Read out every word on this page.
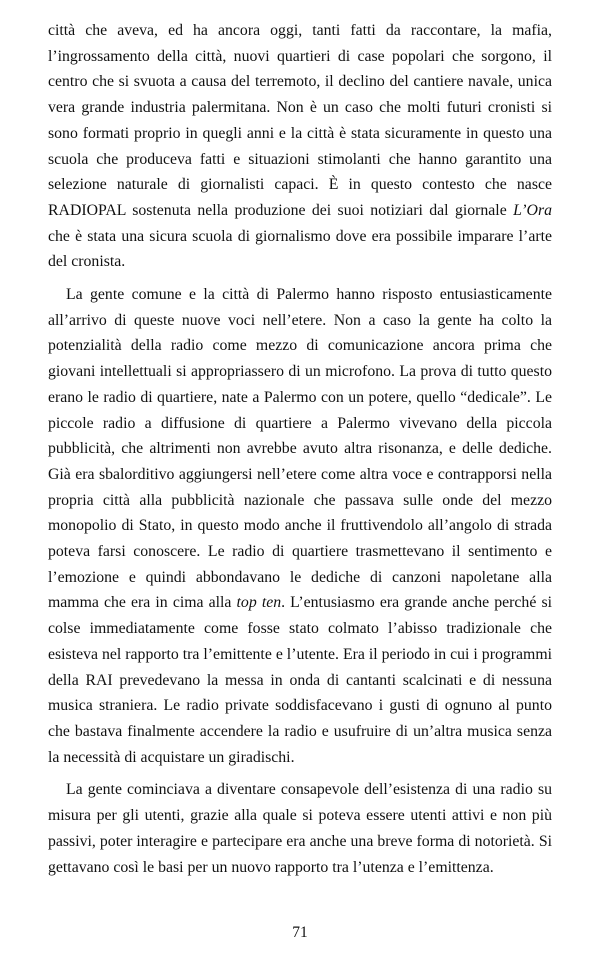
città che aveva, ed ha ancora oggi, tanti fatti da raccontare, la mafia, l’ingrossamento della città, nuovi quartieri di case popolari che sorgono, il centro che si svuota a causa del terremoto, il declino del cantiere navale, unica vera grande industria palermitana. Non è un caso che molti futuri cronisti si sono formati proprio in quegli anni e la città è stata sicuramente in questo una scuola che produceva fatti e situazioni stimolanti che hanno garantito una selezione naturale di giornalisti capaci. È in questo contesto che nasce RADIOPAL sostenuta nella produzione dei suoi notiziari dal giornale L’Ora che è stata una sicura scuola di giornalismo dove era possibile imparare l’arte del cronista.

La gente comune e la città di Palermo hanno risposto entusiasticamente all’arrivo di queste nuove voci nell’etere. Non a caso la gente ha colto la potenzialità della radio come mezzo di comunicazione ancora prima che giovani intellettuali si appropriassero di un microfono. La prova di tutto questo erano le radio di quartiere, nate a Palermo con un potere, quello “dedicale”. Le piccole radio a diffusione di quartiere a Palermo vivevano della piccola pubblicità, che altrimenti non avrebbe avuto altra risonanza, e delle dediche. Già era sbalorditivo aggiungersi nell’etere come altra voce e contrapporsi nella propria città alla pubblicità nazionale che passava sulle onde del mezzo monopolio di Stato, in questo modo anche il fruttivendolo all’angolo di strada poteva farsi conoscere. Le radio di quartiere trasmettevano il sentimento e l’emozione e quindi abbondavano le dediche di canzoni napoletane alla mamma che era in cima alla top ten. L’entusiasmo era grande anche perché si colse immediatamente come fosse stato colmato l’abisso tradizionale che esisteva nel rapporto tra l’emittente e l’utente. Era il periodo in cui i programmi della RAI prevedevano la messa in onda di cantanti scalcinati e di nessuna musica straniera. Le radio private soddisfacevano i gusti di ognuno al punto che bastava finalmente accendere la radio e usufruire di un’altra musica senza la necessità di acquistare un giradischi.

La gente cominciava a diventare consapevole dell’esistenza di una radio su misura per gli utenti, grazie alla quale si poteva essere utenti attivi e non più passivi, poter interagire e partecipare era anche una breve forma di notorietà. Si gettavano così le basi per un nuovo rapporto tra l’utenza e l’emittenza.

71
